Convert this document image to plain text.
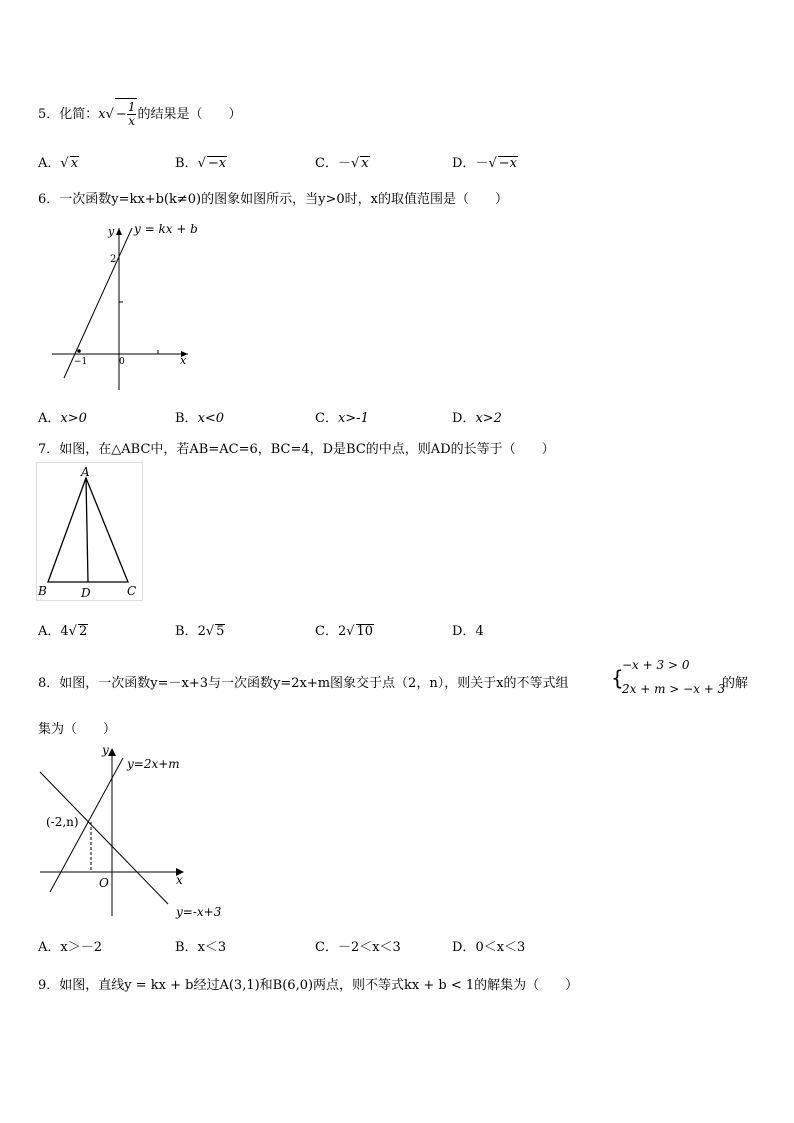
5．化简：$x√ - \frac{1}{x}$ 的结果是（　　）
A．√ x	B．√ −x	C．－√ x	D．－√ −x
6．一次函数y=kx+b(k≠0)的图象如图所示，当y>0时，x的取值范围是（　　）
y = kx + b
y
x
2
−1	0
A．x>0	B．x<0	C．x>-1	D．x>2
7．如图，在△ABC中，若AB=AC=6，BC=4，D是BC的中点，则AD的长等于（　　）
A
B	C
D
A．4√ 2	B．2√ 5	C．2√ 10	D．4
8．如图，一次函数y=－x+3与一次函数y=2x+m图象交于点（2，n），则关于x的不等式组 {
−x + 3 > 0
2x + m > −x + 3
的解
集为（　　）
(-2,n)
y=2x+m
y=-x+3
y
x
O
A．x＞－2	B．x＜3	C．－2＜x＜3	D．0＜x＜3
9．如图，直线y = kx + b经过A(3,1)和B(6,0)两点，则不等式kx + b < 1的解集为（　　）
